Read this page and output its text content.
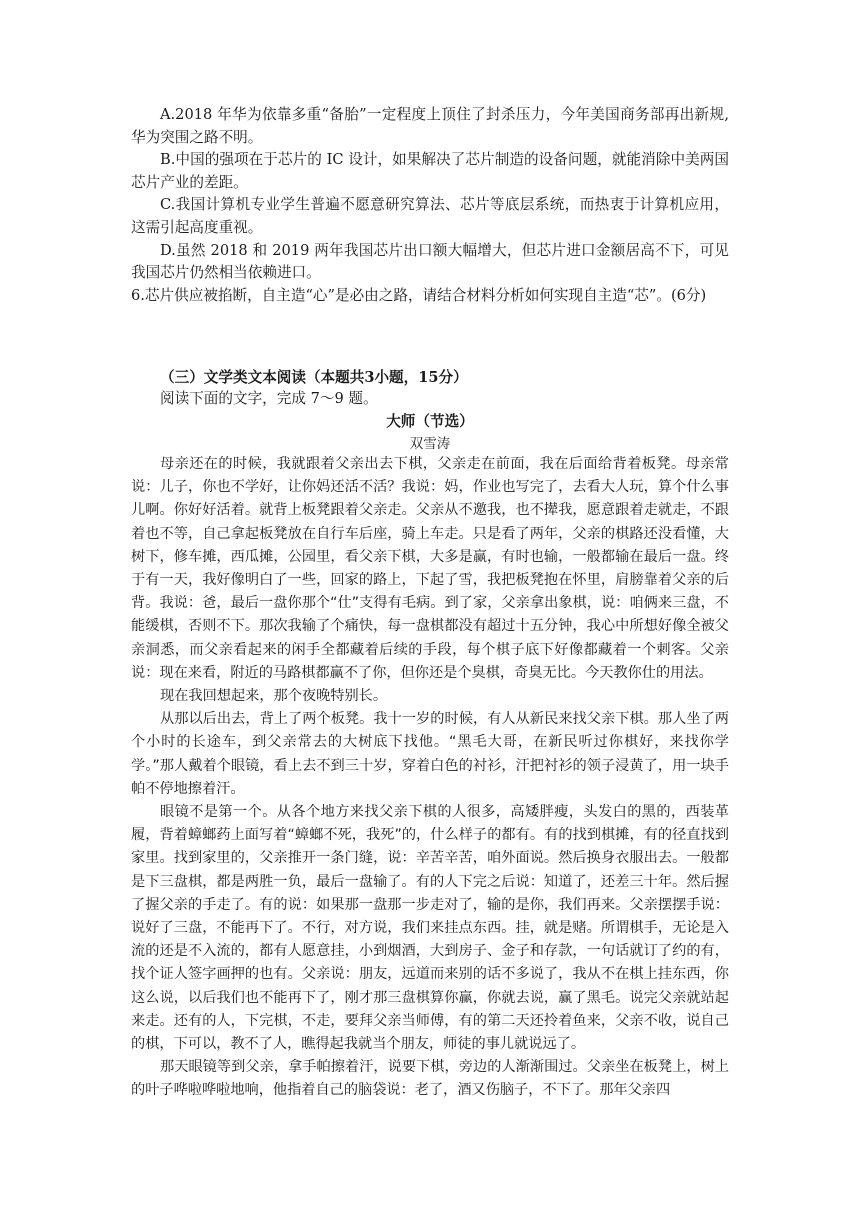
A.2018 年华为依靠多重“备胎”一定程度上顶住了封杀压力，今年美国商务部再出新规,华为突围之路不明。

B.中国的强项在于芯片的 IC 设计，如果解决了芯片制造的设备问题，就能消除中美两国芯片产业的差距。

C.我国计算机专业学生普遍不愿意研究算法、芯片等底层系统，而热衷于计算机应用，这需引起高度重视。

D.虽然 2018 和 2019 两年我国芯片出口额大幅增大，但芯片进口金额居高不下，可见我国芯片仍然相当依赖进口。

6.芯片供应被掐断，自主造“心”是必由之路，请结合材料分析如何实现自主造“芯”。(6分)

（三）文学类文本阅读（本题共3小题，15分）
阅读下面的文字，完成 7～9 题。
大师（节选）
双雪涛

母亲还在的时候，我就跟着父亲出去下棋，父亲走在前面，我在后面给背着板凳。母亲常说：儿子，你也不学好，让你妈还活不活？我说：妈，作业也写完了，去看大人玩，算个什么事儿啊。你好好活着。就背上板凳跟着父亲走。父亲从不邀我，也不撵我，愿意跟着走就走，不跟着也不等，自己拿起板凳放在自行车后座，骑上车走。只是看了两年，父亲的棋路还没看懂，大树下，修车摊，西瓜摊，公园里，看父亲下棋，大多是赢，有时也输，一般都输在最后一盘。终于有一天，我好像明白了一些，回家的路上，下起了雪，我把板凳抱在怀里，肩膀靠着父亲的后背。我说：爸，最后一盘你那个“仕”支得有毛病。到了家，父亲拿出象棋，说：咱俩来三盘，不能缓棋，否则不下。那次我输了个痛快，每一盘棋都没有超过十五分钟，我心中所想好像全被父亲洞悉，而父亲看起来的闲手全都藏着后续的手段，每个棋子底下好像都藏着一个刺客。父亲说：现在来看，附近的马路棋都赢不了你，但你还是个臭棋，奇臭无比。今天教你仕的用法。

现在我回想起来，那个夜晚特别长。

从那以后出去，背上了两个板凳。我十一岁的时候，有人从新民来找父亲下棋。那人坐了两个小时的长途车，到父亲常去的大树底下找他。“黑毛大哥，在新民听过你棋好，来找你学学。”那人戴着个眼镜，看上去不到三十岁，穿着白色的衬衫，汗把衬衫的领子浸黄了，用一块手帕不停地擦着汗。

眼镜不是第一个。从各个地方来找父亲下棋的人很多，高矮胖瘦，头发白的黑的，西装革履，背着蟑螂药上面写着“蟑螂不死，我死”的，什么样子的都有。有的找到棋摊，有的径直找到家里。找到家里的，父亲推开一条门缝，说：辛苦辛苦，咱外面说。然后换身衣服出去。一般都是下三盘棋，都是两胜一负，最后一盘输了。有的人下完之后说：知道了，还差三十年。然后握了握父亲的手走了。有的说：如果那一盘那一步走对了，输的是你，我们再来。父亲摆摆手说：说好了三盘，不能再下了。不行，对方说，我们来挂点东西。挂，就是赌。所谓棋手，无论是入流的还是不入流的，都有人愿意挂，小到烟酒，大到房子、金子和存款，一句话就订了约的有，找个证人签字画押的也有。父亲说：朋友，远道而来别的话不多说了，我从不在棋上挂东西，你这么说，以后我们也不能再下了，刚才那三盘棋算你赢，你就去说，赢了黑毛。说完父亲就站起来走。还有的人，下完棋，不走，要拜父亲当师傅，有的第二天还拎着鱼来，父亲不收，说自己的棋，下可以，教不了人，瞧得起我就当个朋友，师徒的事儿就说远了。

那天眼镜等到父亲，拿手帕擦着汗，说要下棋，旁边的人渐渐围过。父亲坐在板凳上，树上的叶子哗啦哗啦地响，他指着自己的脑袋说：老了，酒又伤脑子，不下了。那年父亲四
